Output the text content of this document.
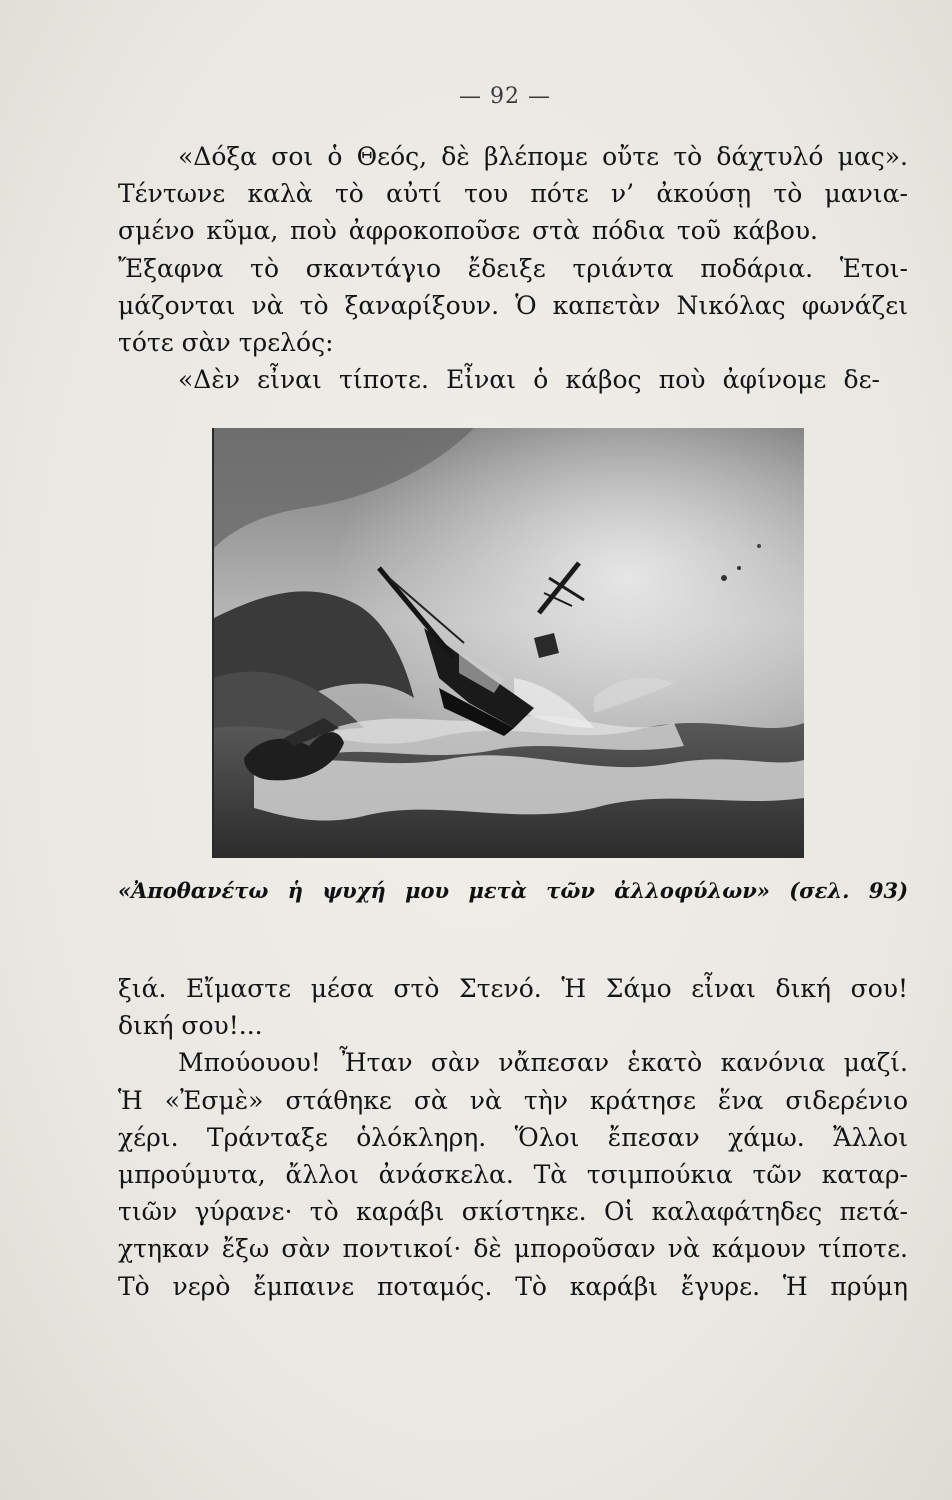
— 92 —
«Δόξα σοι ὁ Θεός, δὲ βλέπομε οὔτε τὸ δάχτυλό μας».
Τέντωνε καλὰ τὸ αὐτί του πότε ν’ ἀκούσῃ τὸ μανια-
σμένο κῦμα, ποὺ ἀφροκοποῦσε στὰ πόδια τοῦ κάβου.
Ἔξαφνα τὸ σκαντάγιο ἔδειξε τριάντα ποδάρια. Ἑτοι-
μάζονται νὰ τὸ ξαναρίξουν. Ὁ καπετὰν Νικόλας φωνάζει
τότε σὰν τρελός:
«Δὲν εἶναι τίποτε. Εἶναι ὁ κάβος ποὺ ἀφίνομε δε-
«Ἀποθανέτω ἡ ψυχή μου μετὰ τῶν ἀλλοφύλων» (σελ. 93)
ξιά. Εἴμαστε μέσα στὸ Στενό. Ἡ Σάμο εἶναι δική σου!
δική σου!...
Μπούουου! Ἦταν σὰν νἄπεσαν ἑκατὸ κανόνια μαζί.
Ἡ «Ἐσμὲ» στάθηκε σὰ νὰ τὴν κράτησε ἕνα σιδερένιο
χέρι. Τράνταξε ὁλόκληρη. Ὅλοι ἔπεσαν χάμω. Ἄλλοι
μπρούμυτα, ἄλλοι ἀνάσκελα. Τὰ τσιμπούκια τῶν καταρ-
τιῶν γύρανε· τὸ καράβι σκίστηκε. Οἱ καλαφάτηδες πετά-
χτηκαν ἔξω σὰν ποντικοί· δὲ μποροῦσαν νὰ κάμουν τίποτε.
Τὸ νερὸ ἔμπαινε ποταμός. Τὸ καράβι ἔγυρε. Ἡ πρύμη
